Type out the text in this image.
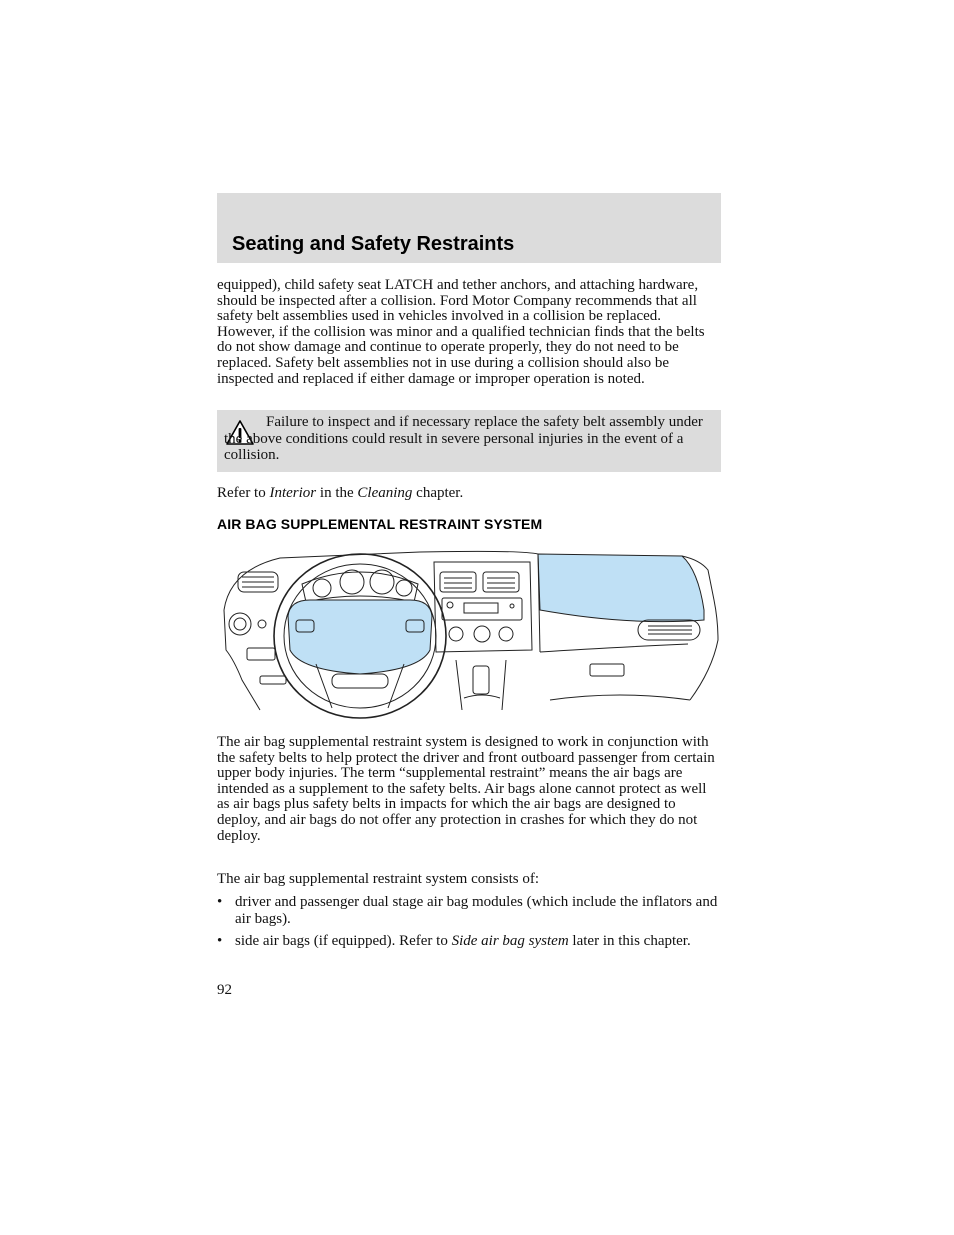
Seating and Safety Restraints
equipped), child safety seat LATCH and tether anchors, and attaching hardware, should be inspected after a collision. Ford Motor Company recommends that all safety belt assemblies used in vehicles involved in a collision be replaced. However, if the collision was minor and a qualified technician finds that the belts do not show damage and continue to operate properly, they do not need to be replaced. Safety belt assemblies not in use during a collision should also be inspected and replaced if either damage or improper operation is noted.
Failure to inspect and if necessary replace the safety belt assembly under the above conditions could result in severe personal injuries in the event of a collision.
Refer to Interior in the Cleaning chapter.
AIR BAG SUPPLEMENTAL RESTRAINT SYSTEM
The air bag supplemental restraint system is designed to work in conjunction with the safety belts to help protect the driver and front outboard passenger from certain upper body injuries. The term “supplemental restraint” means the air bags are intended as a supplement to the safety belts. Air bags alone cannot protect as well as air bags plus safety belts in impacts for which the air bags are designed to deploy, and air bags do not offer any protection in crashes for which they do not deploy.
The air bag supplemental restraint system consists of:
• driver and passenger dual stage air bag modules (which include the inflators and air bags).
• side air bags (if equipped). Refer to Side air bag system later in this chapter.
92
